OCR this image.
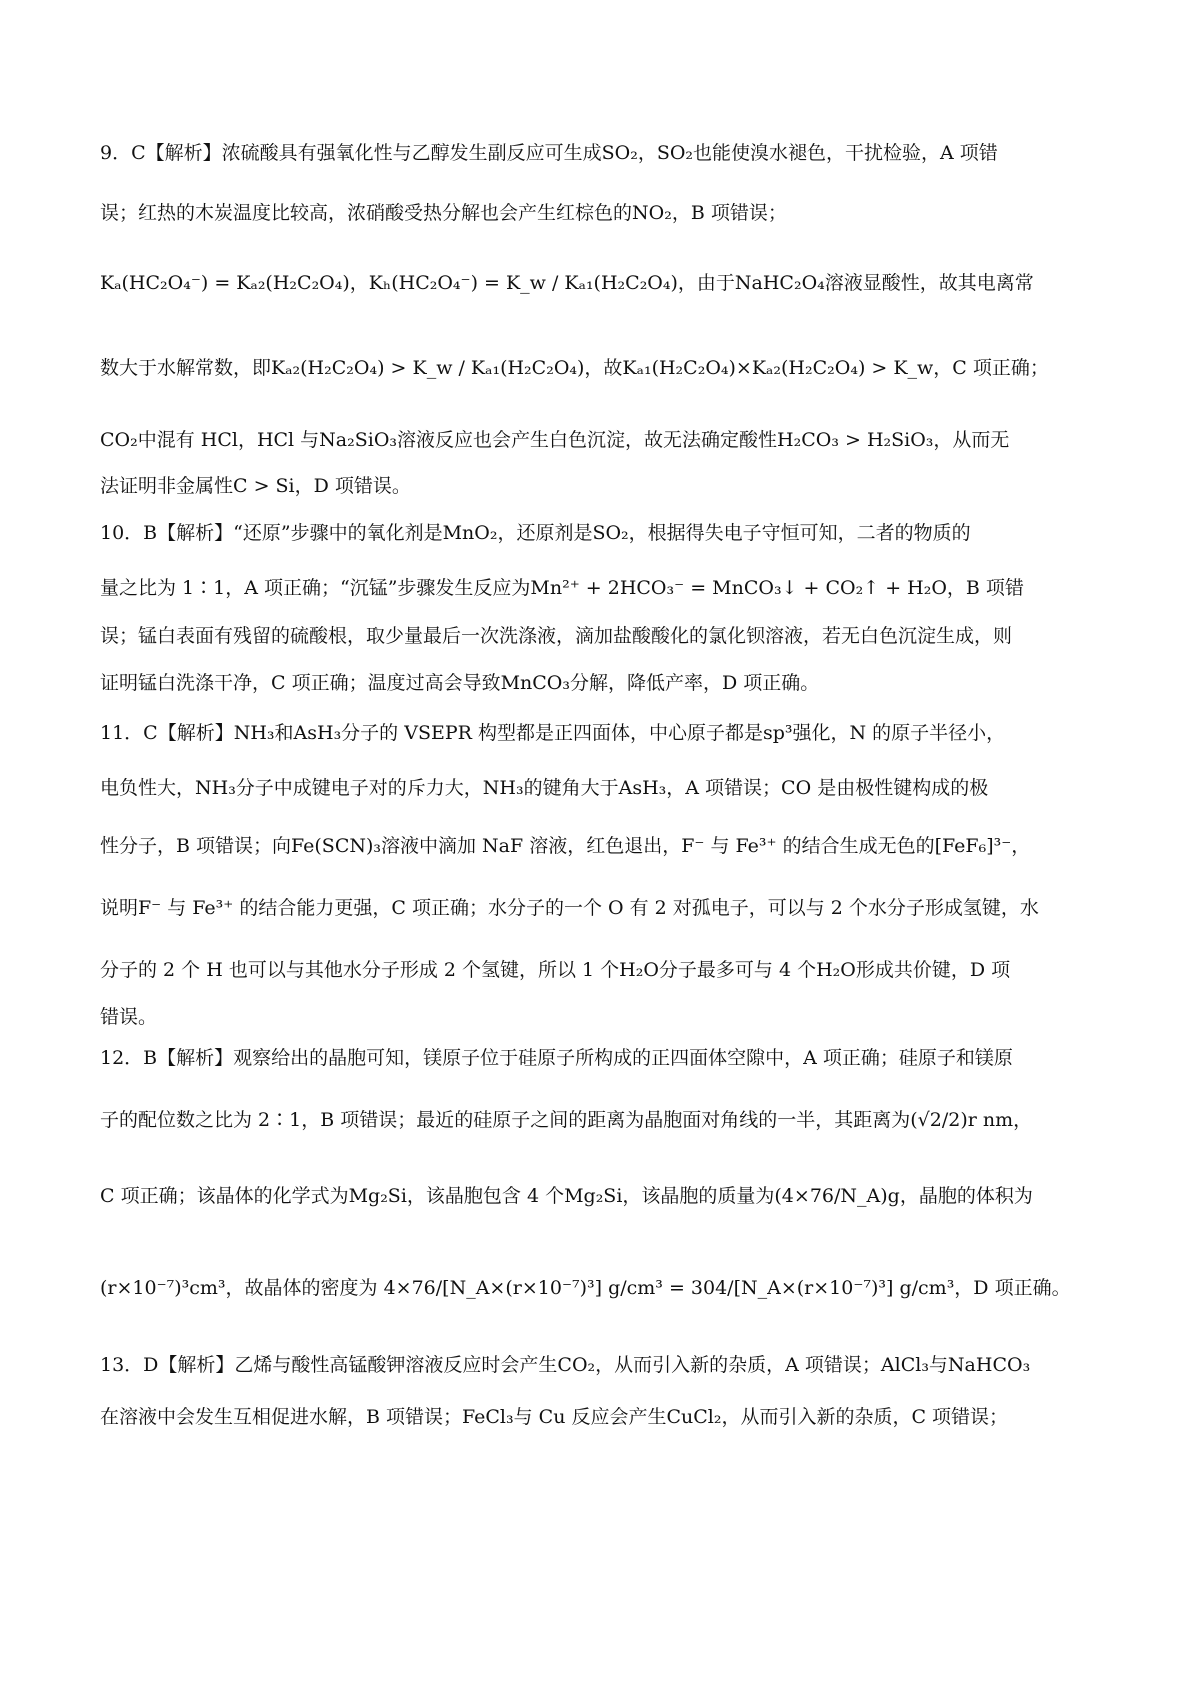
9．C【解析】浓硫酸具有强氧化性与乙醇发生副反应可生成SO₂，SO₂也能使溴水褪色，干扰检验，A 项错
误；红热的木炭温度比较高，浓硝酸受热分解也会产生红棕色的NO₂，B 项错误；
Kₐ(HC₂O₄⁻) = Kₐ₂(H₂C₂O₄)，Kₕ(HC₂O₄⁻) = K_w / Kₐ₁(H₂C₂O₄)，由于NaHC₂O₄溶液显酸性，故其电离常
数大于水解常数，即Kₐ₂(H₂C₂O₄) > K_w / Kₐ₁(H₂C₂O₄)，故Kₐ₁(H₂C₂O₄)×Kₐ₂(H₂C₂O₄) > K_w，C 项正确；
CO₂中混有 HCl，HCl 与Na₂SiO₃溶液反应也会产生白色沉淀，故无法确定酸性H₂CO₃ > H₂SiO₃，从而无
法证明非金属性C > Si，D 项错误。
10．B【解析】“还原”步骤中的氧化剂是MnO₂，还原剂是SO₂，根据得失电子守恒可知，二者的物质的
量之比为 1∶1，A 项正确；“沉锰”步骤发生反应为Mn²⁺ + 2HCO₃⁻ = MnCO₃↓ + CO₂↑ + H₂O，B 项错
误；锰白表面有残留的硫酸根，取少量最后一次洗涤液，滴加盐酸酸化的氯化钡溶液，若无白色沉淀生成，则
证明锰白洗涤干净，C 项正确；温度过高会导致MnCO₃分解，降低产率，D 项正确。
11．C【解析】NH₃和AsH₃分子的 VSEPR 构型都是正四面体，中心原子都是sp³强化，N 的原子半径小，
电负性大，NH₃分子中成键电子对的斥力大，NH₃的键角大于AsH₃，A 项错误；CO 是由极性键构成的极
性分子，B 项错误；向Fe(SCN)₃溶液中滴加 NaF 溶液，红色退出，F⁻ 与 Fe³⁺ 的结合生成无色的[FeF₆]³⁻，
说明F⁻ 与 Fe³⁺ 的结合能力更强，C 项正确；水分子的一个 O 有 2 对孤电子，可以与 2 个水分子形成氢键，水
分子的 2 个 H 也可以与其他水分子形成 2 个氢键，所以 1 个H₂O分子最多可与 4 个H₂O形成共价键，D 项
错误。
12．B【解析】观察给出的晶胞可知，镁原子位于硅原子所构成的正四面体空隙中，A 项正确；硅原子和镁原
子的配位数之比为 2∶1，B 项错误；最近的硅原子之间的距离为晶胞面对角线的一半，其距离为(√2/2)r nm，
C 项正确；该晶体的化学式为Mg₂Si，该晶胞包含 4 个Mg₂Si，该晶胞的质量为(4×76/N_A)g，晶胞的体积为
(r×10⁻⁷)³cm³，故晶体的密度为 4×76/[N_A×(r×10⁻⁷)³] g/cm³ = 304/[N_A×(r×10⁻⁷)³] g/cm³，D 项正确。
13．D【解析】乙烯与酸性高锰酸钾溶液反应时会产生CO₂，从而引入新的杂质，A 项错误；AlCl₃与NaHCO₃
在溶液中会发生互相促进水解，B 项错误；FeCl₃与 Cu 反应会产生CuCl₂，从而引入新的杂质，C 项错误；
